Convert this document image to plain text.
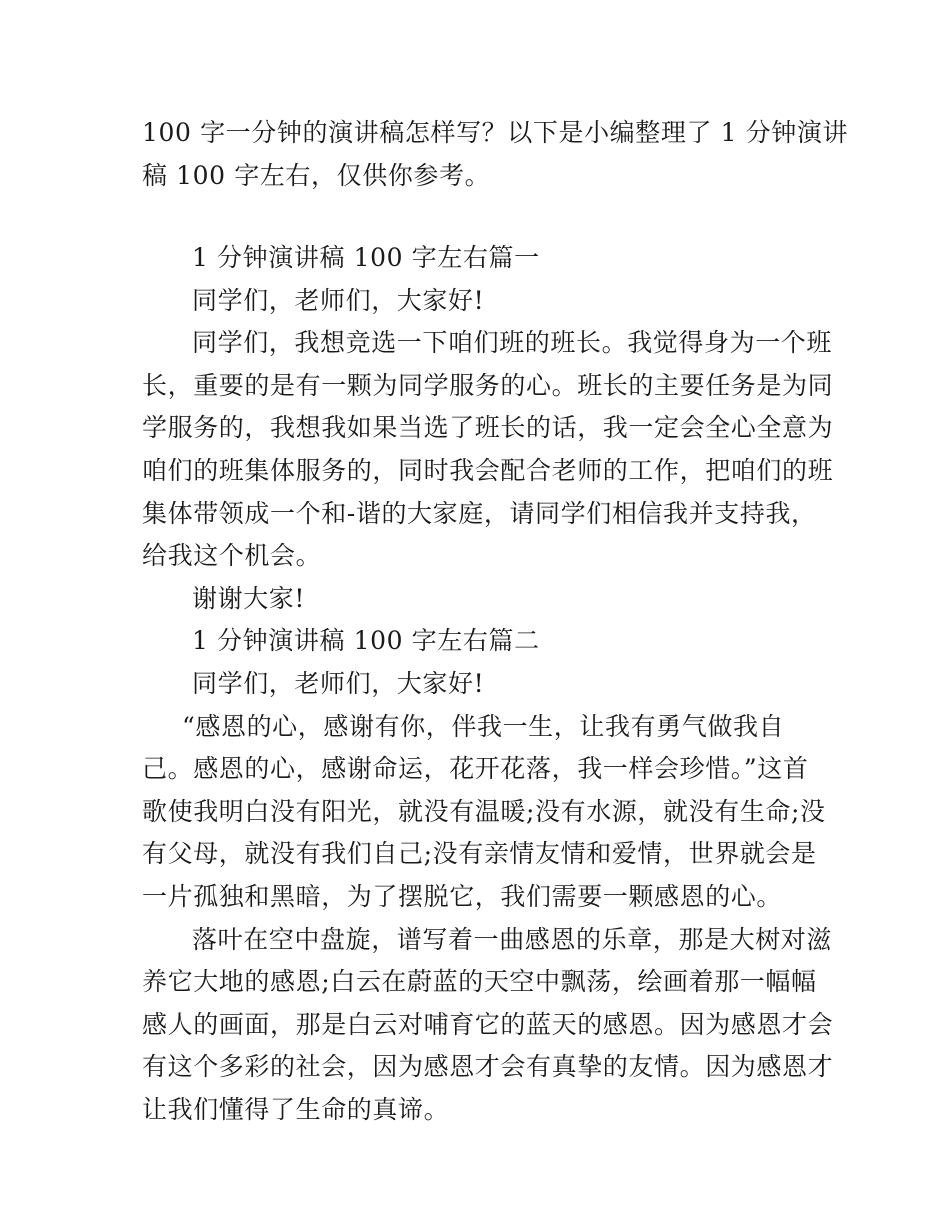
100 字一分钟的演讲稿怎样写？以下是小编整理了 1 分钟演讲
稿 100 字左右，仅供你参考。
1 分钟演讲稿 100 字左右篇一
同学们，老师们，大家好!
同学们，我想竞选一下咱们班的班长。我觉得身为一个班
长，重要的是有一颗为同学服务的心。班长的主要任务是为同
学服务的，我想我如果当选了班长的话，我一定会全心全意为
咱们的班集体服务的，同时我会配合老师的工作，把咱们的班
集体带领成一个和-谐的大家庭，请同学们相信我并支持我，
给我这个机会。
谢谢大家!
1 分钟演讲稿 100 字左右篇二
同学们，老师们，大家好!
“感恩的心，感谢有你，伴我一生，让我有勇气做我自
己。感恩的心，感谢命运，花开花落，我一样会珍惜。”这首
歌使我明白没有阳光，就没有温暖;没有水源，就没有生命;没
有父母，就没有我们自己;没有亲情友情和爱情，世界就会是
一片孤独和黑暗，为了摆脱它，我们需要一颗感恩的心。
落叶在空中盘旋，谱写着一曲感恩的乐章，那是大树对滋
养它大地的感恩;白云在蔚蓝的天空中飘荡，绘画着那一幅幅
感人的画面，那是白云对哺育它的蓝天的感恩。因为感恩才会
有这个多彩的社会，因为感恩才会有真挚的友情。因为感恩才
让我们懂得了生命的真谛。
